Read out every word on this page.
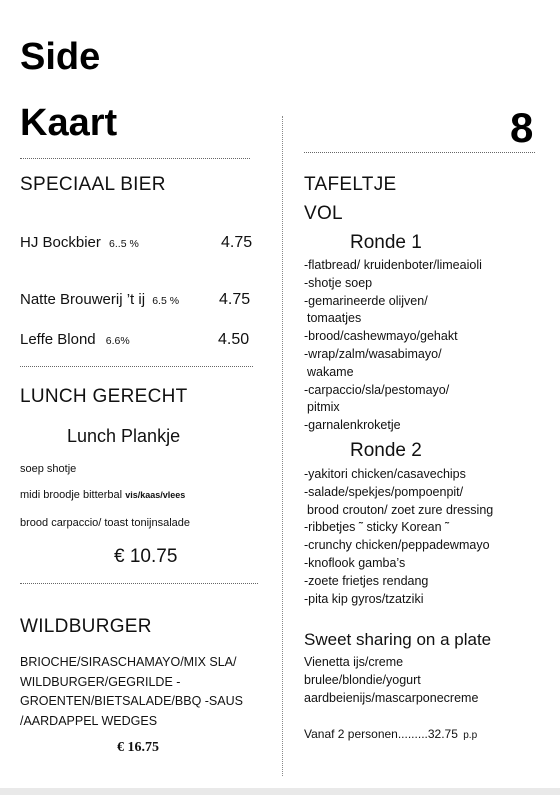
Side
Kaart	8
SPECIAAL BIER
HJ Bockbier 6..5 %	4.75
Natte Brouwerij ’t ij 6.5 % 4.75
Leffe Blond 6.6%	4.50
LUNCH GERECHT
Lunch Plankje
soep shotje
midi broodje bitterbal vis/kaas/vlees
brood carpaccio/ toast tonijnsalade
€ 10.75
WILDBURGER
BRIOCHE/SIRASCHAMAYO/MIX SLA/
WILDBURGER/GEGRILDE -
GROENTEN/BIETSALADE/BBQ -SAUS
/AARDAPPEL WEDGES
€ 16.75
TAFELTJE
VOL
Ronde 1
-flatbread/ kruidenboter/limeaioli
-shotje soep
-gemarineerde olijven/
tomaatjes
-brood/cashewmayo/gehakt
-wrap/zalm/wasabimayo/
wakame
-carpaccio/sla/pestomayo/
pitmix
-garnalenkroketje
Ronde 2
-yakitori chicken/casavechips
-salade/spekjes/pompoenpit/
brood crouton/ zoet zure dressing
-ribbetjes ˜ sticky Korean ˜
-crunchy chicken/peppadewmayo
-knoflook gamba’s
-zoete frietjes rendang
-pita kip gyros/tzatziki
Sweet sharing on a plate
Vienetta ijs/creme
brulee/blondie/yogurt
aardbeienijs/mascarponecreme
Vanaf 2 personen.........32.75 p.p
